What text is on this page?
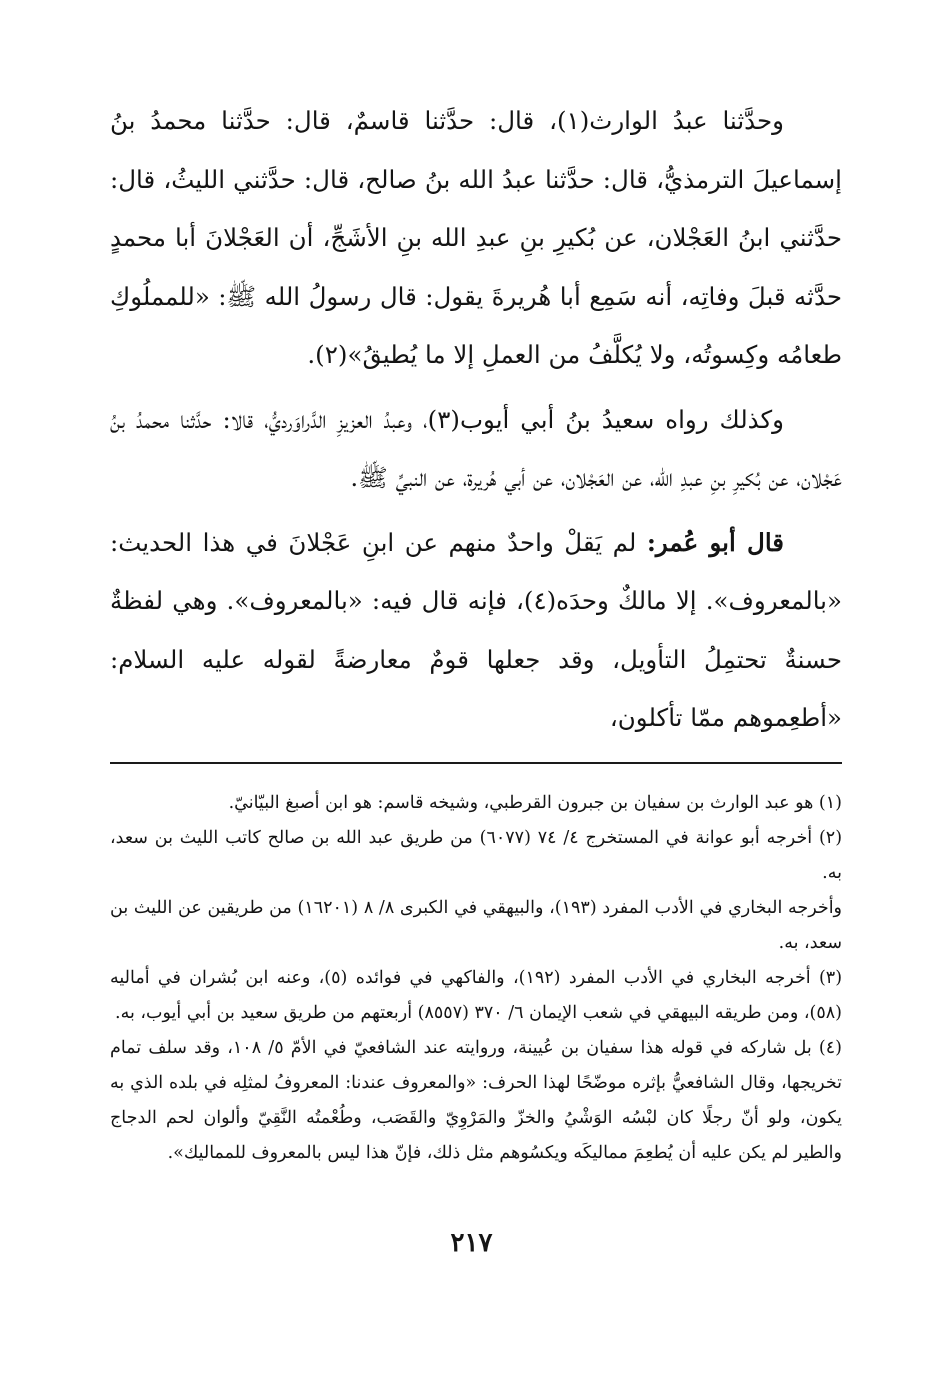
وحدَّثنا عبدُ الوارث(١)، قال: حدَّثنا قاسمٌ، قال: حدَّثنا محمدُ بنُ إسماعيلَ الترمذيُّ، قال: حدَّثنا عبدُ الله بنُ صالح، قال: حدَّثني الليثُ، قال: حدَّثني ابنُ العَجْلان، عن بُكيرِ بنِ عبدِ الله بنِ الأشَجِّ، أن العَجْلانَ أبا محمدٍ حدَّثه قبلَ وفاتِه، أنه سَمِع أبا هُريرةَ يقول: قال رسولُ الله ﷺ: «للمملُوكِ طعامُه وكِسوتُه، ولا يُكلَّفُ من العملِ إلا ما يُطيقُ»(٢).

وكذلك رواه سعيدُ بنُ أبي أيوب(٣)، وعبدُ العزيزِ الدَّراوَرديُّ، قالا: حدَّثنا محمدُ بنُ عَجْلان، عن بُكيرِ بنِ عبدِ الله، عن العَجْلان، عن أبي هُريرة، عن النبيِّ ﷺ.

قال أبو عُمر: لم يَقلْ واحدٌ منهم عن ابنِ عَجْلانَ في هذا الحديث: «بالمعروف». إلا مالكٌ وحدَه(٤)، فإنه قال فيه: «بالمعروف». وهي لفظةٌ حسنةٌ تحتمِلُ التأويل، وقد جعلها قومٌ معارضةً لقوله عليه السلام: «أطعِموهم ممّا تأكلون،

(١) هو عبد الوارث بن سفيان بن جبرون القرطبي، وشيخه قاسم: هو ابن أصبغ البيّانيّ.

(٢) أخرجه أبو عوانة في المستخرج ٤/ ٧٤ (٦٠٧٧) من طريق عبد الله بن صالح كاتب الليث بن سعد، به.

وأخرجه البخاري في الأدب المفرد (١٩٣)، والبيهقي في الكبرى ٨/ ٨ (١٦٢٠١) من طريقين عن الليث بن سعد، به.

(٣) أخرجه البخاري في الأدب المفرد (١٩٢)، والفاكهي في فوائده (٥)، وعنه ابن بُشران في أماليه (٥٨)، ومن طريقه البيهقي في شعب الإيمان ٦/ ٣٧٠ (٨٥٥٧) أربعتهم من طريق سعيد بن أبي أيوب، به.

(٤) بل شاركه في قوله هذا سفيان بن عُيينة، وروايته عند الشافعيّ في الأمّ ٥/ ١٠٨، وقد سلف تمام تخريجها، وقال الشافعيُّ بإثره موضّحًا لهذا الحرف: «والمعروف عندنا: المعروفُ لمثلِه في بلده الذي به يكون، ولو أنّ رجلًا كان لبْسُه الوَشْيُ والخزّ والمَرْوِيّ والقَصَب، وطُعْمتُه النَّقِيّ وألوان لحم الدجاج والطير لم يكن عليه أن يُطعِمَ مماليكَه ويكسُوهم مثل ذلك، فإنّ هذا ليس بالمعروف للمماليك».

٢١٧
